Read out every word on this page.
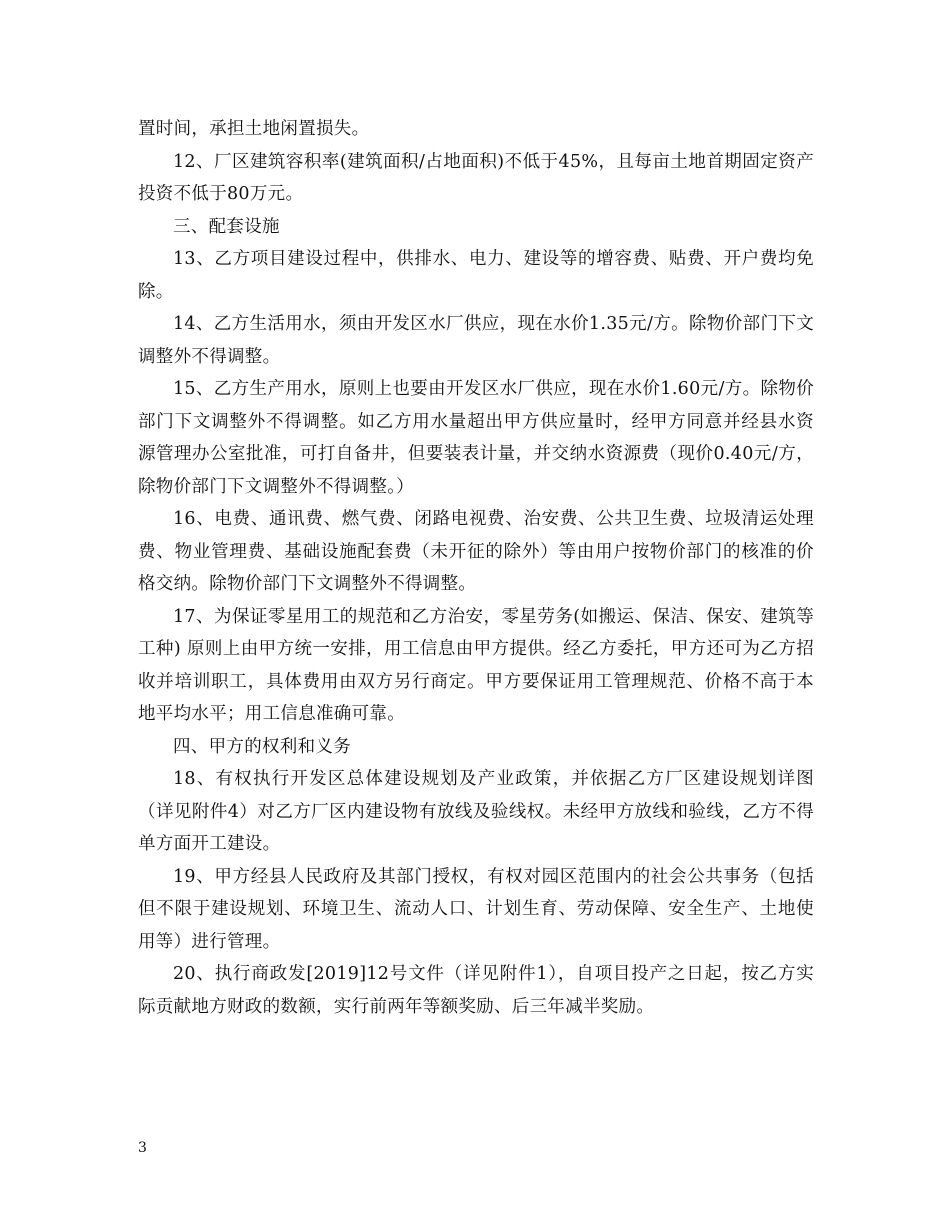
置时间，承担土地闲置损失。

12、厂区建筑容积率(建筑面积/占地面积)不低于45%，且每亩土地首期固定资产投资不低于80万元。

三、配套设施

13、乙方项目建设过程中，供排水、电力、建设等的增容费、贴费、开户费均免除。

14、乙方生活用水，须由开发区水厂供应，现在水价1.35元/方。除物价部门下文调整外不得调整。

15、乙方生产用水，原则上也要由开发区水厂供应，现在水价1.60元/方。除物价部门下文调整外不得调整。如乙方用水量超出甲方供应量时，经甲方同意并经县水资源管理办公室批准，可打自备井，但要装表计量，并交纳水资源费（现价0.40元/方，除物价部门下文调整外不得调整。）

16、电费、通讯费、燃气费、闭路电视费、治安费、公共卫生费、垃圾清运处理费、物业管理费、基础设施配套费（未开征的除外）等由用户按物价部门的核准的价格交纳。除物价部门下文调整外不得调整。

17、为保证零星用工的规范和乙方治安，零星劳务(如搬运、保洁、保安、建筑等工种) 原则上由甲方统一安排，用工信息由甲方提供。经乙方委托，甲方还可为乙方招收并培训职工，具体费用由双方另行商定。甲方要保证用工管理规范、价格不高于本地平均水平；用工信息准确可靠。

四、甲方的权利和义务

18、有权执行开发区总体建设规划及产业政策，并依据乙方厂区建设规划详图（详见附件4）对乙方厂区内建设物有放线及验线权。未经甲方放线和验线，乙方不得单方面开工建设。

19、甲方经县人民政府及其部门授权，有权对园区范围内的社会公共事务（包括但不限于建设规划、环境卫生、流动人口、计划生育、劳动保障、安全生产、土地使用等）进行管理。

20、执行商政发[2019]12号文件（详见附件1），自项目投产之日起，按乙方实际贡献地方财政的数额，实行前两年等额奖励、后三年减半奖励。

3
